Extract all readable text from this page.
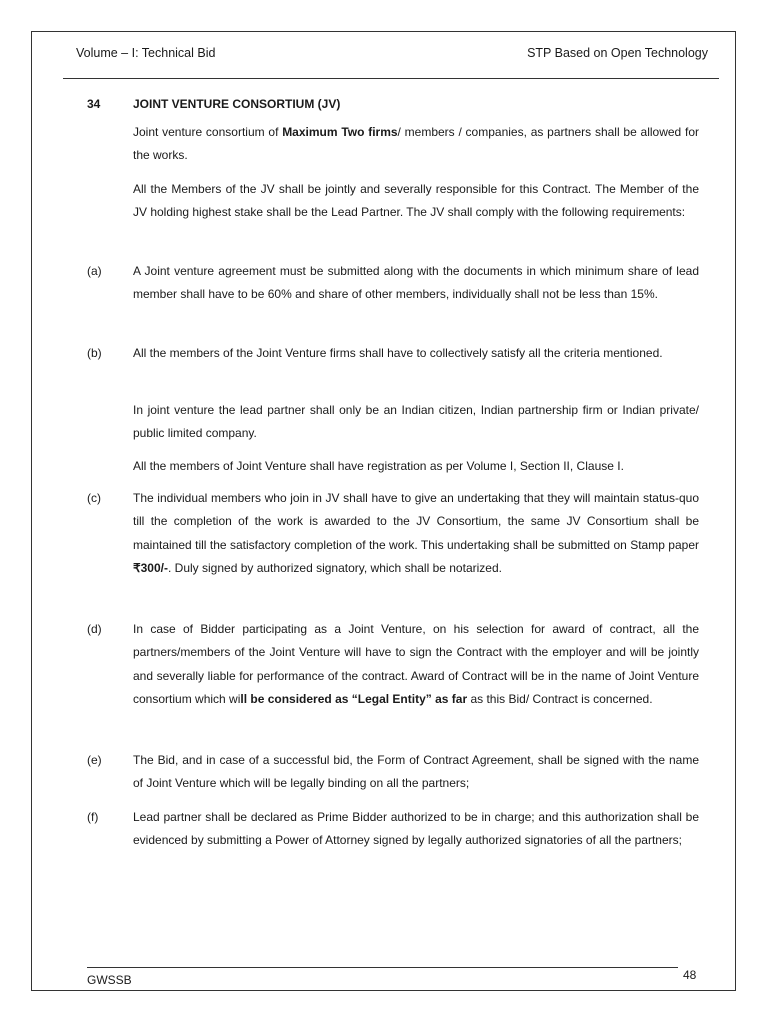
Volume – I: Technical Bid	STP Based on Open Technology
34	JOINT VENTURE CONSORTIUM (JV)
Joint venture consortium of Maximum Two firms/ members / companies, as partners shall be allowed for the works.
All the Members of the JV shall be jointly and severally responsible for this Contract. The Member of the JV holding highest stake shall be the Lead Partner. The JV shall comply with the following requirements:
(a)	A Joint venture agreement must be submitted along with the documents in which minimum share of lead member shall have to be 60% and share of other members, individually shall not be less than 15%.
(b)	All the members of the Joint Venture firms shall have to collectively satisfy all the criteria mentioned.
In joint venture the lead partner shall only be an Indian citizen, Indian partnership firm or Indian private/ public limited company.
All the members of Joint Venture shall have registration as per Volume I, Section II, Clause I.
(c)	The individual members who join in JV shall have to give an undertaking that they will maintain status-quo till the completion of the work is awarded to the JV Consortium, the same JV Consortium shall be maintained till the satisfactory completion of the work. This undertaking shall be submitted on Stamp paper ₹300/-. Duly signed by authorized signatory, which shall be notarized.
(d)	In case of Bidder participating as a Joint Venture, on his selection for award of contract, all the partners/members of the Joint Venture will have to sign the Contract with the employer and will be jointly and severally liable for performance of the contract. Award of Contract will be in the name of Joint Venture consortium which will be considered as “Legal Entity” as far as this Bid/ Contract is concerned.
(e)	The Bid, and in case of a successful bid, the Form of Contract Agreement, shall be signed with the name of Joint Venture which will be legally binding on all the partners;
(f)	Lead partner shall be declared as Prime Bidder authorized to be in charge; and this authorization shall be evidenced by submitting a Power of Attorney signed by legally authorized signatories of all the partners;
GWSSB	48
